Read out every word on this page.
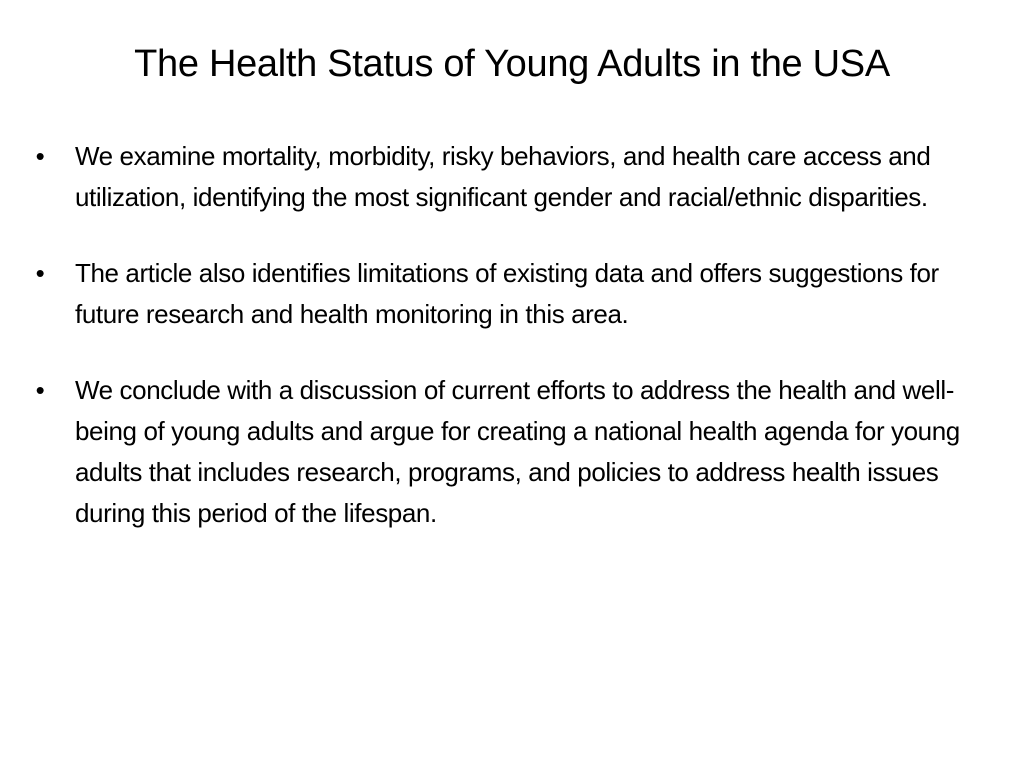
The Health Status of Young Adults in the USA
• We examine mortality, morbidity, risky behaviors, and health care access and utilization, identifying the most significant gender and racial/ethnic disparities.
• The article also identifies limitations of existing data and offers suggestions for future research and health monitoring in this area.
• We conclude with a discussion of current efforts to address the health and well-being of young adults and argue for creating a national health agenda for young adults that includes research, programs, and policies to address health issues during this period of the lifespan.
